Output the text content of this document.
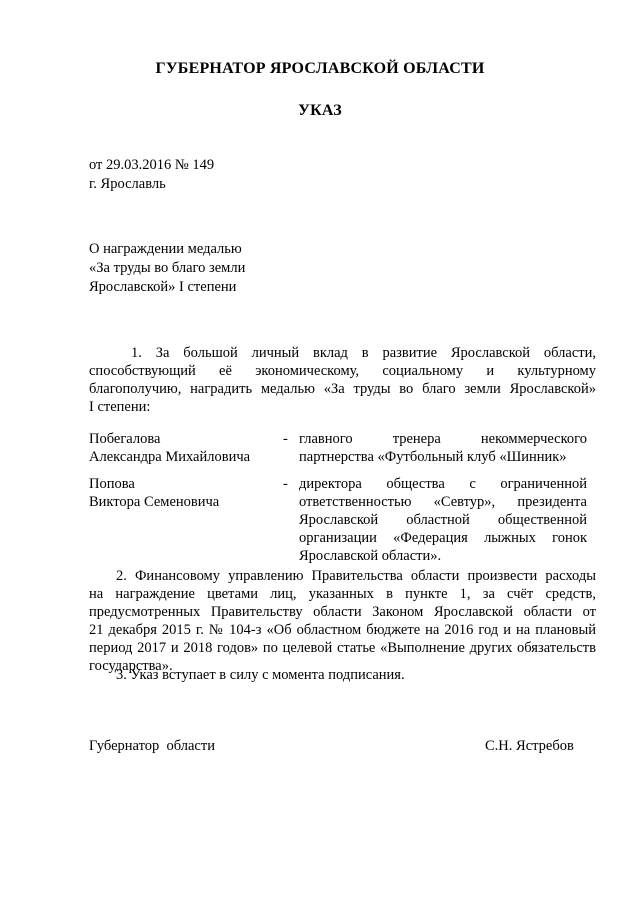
ГУБЕРНАТОР ЯРОСЛАВСКОЙ ОБЛАСТИ
УКАЗ
от 29.03.2016 № 149
г. Ярославль
О награждении медалью
«За труды во благо земли
Ярославской» I степени
1. За большой личный вклад в развитие Ярославской области,
способствующий её экономическому, социальному и культурному
благополучию, наградить медалью «За труды во благо земли Ярославской»
I степени:
Побегалова
Александра Михайловича
- главного тренера некоммерческого
партнерства «Футбольный клуб «Шинник»
Попова
Виктора Семеновича
- директора общества с ограниченной
ответственностью «Севтур», президента
Ярославской областной общественной
организации «Федерация лыжных гонок
Ярославской области».
2. Финансовому управлению Правительства области произвести расходы
на награждение цветами лиц, указанных в пункте 1, за счёт средств,
предусмотренных Правительству области Законом Ярославской области от
21 декабря 2015 г. № 104-з «Об областном бюджете на 2016 год и на плановый
период 2017 и 2018 годов» по целевой статье «Выполнение других обязательств
государства».
3. Указ вступает в силу с момента подписания.
Губернатор  области	С.Н. Ястребов
